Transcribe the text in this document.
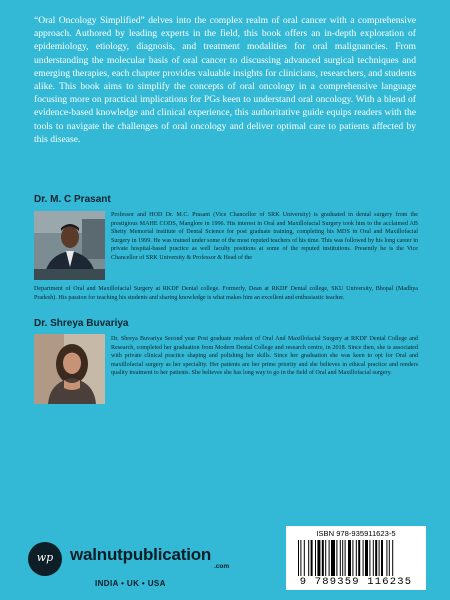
“Oral Oncology Simplified” delves into the complex realm of oral cancer with a comprehensive approach. Authored by leading experts in the field, this book offers an in-depth exploration of epidemiology, etiology, diagnosis, and treatment modalities for oral malignancies. From understanding the molecular basis of oral cancer to discussing advanced surgical techniques and emerging therapies, each chapter provides valuable insights for clinicians, researchers, and students alike. This book aims to simplify the concepts of oral oncology in a comprehensive language focusing more on practical implications for PGs keen to understand oral oncology. With a blend of evidence-based knowledge and clinical experience, this authoritative guide equips readers with the tools to navigate the challenges of oral oncology and deliver optimal care to patients affected by this disease.

Dr. M. C Prasant

Professor and HOD Dr. M.C. Prasant (Vice Chancellor of SRK University) is graduated in dental surgery from the prestigious MAHE CODS, Manglore in 1996. His interest in Oral and Maxillofacial Surgery took him to the acclaimed AB Shetty Memorial institute of Dental Science for post graduate training, completing his MDS in Oral and Maxillofacial Surgery in 1999. He was trained under some of the most reputed teachers of his time. This was followed by his long career in private hospital-based practice as well faculty positions at some of the reputed institutions. Presently he is the Vice Chancellor of SRK University & Professor & Head of the

Department of Oral and Maxillofacial Surgery at RKDF Dental college. Formerly, Dean at RKDF Dental college, SKU University, Bhopal (Madhya Pradesh). His passion for teaching his students and sharing knowledge is what makes him an excellent and enthusiastic teacher.

Dr. Shreya Buvariya

Dr. Shreya Buvariya Second year Post graduate resident of Oral And Maxillofacial Surgery at RKDF Dental College and Research, completed her graduation from Modern Dental College and research centre, in 2018. Since then, she is associated with private clinical practice shaping and polishing her skills. Since her graduation she was keen to opt for Oral and maxillofacial surgery as her speciality. Her patients are her prime priority and she believes in ethical practice and renders quality treatment to her patients. She believes she has long way to go in the field of Oral and Maxillofacial surgery.

wp walnutpublication
.com
INDIA • UK • USA
ISBN 978-935911623-5
9 789359 116235
